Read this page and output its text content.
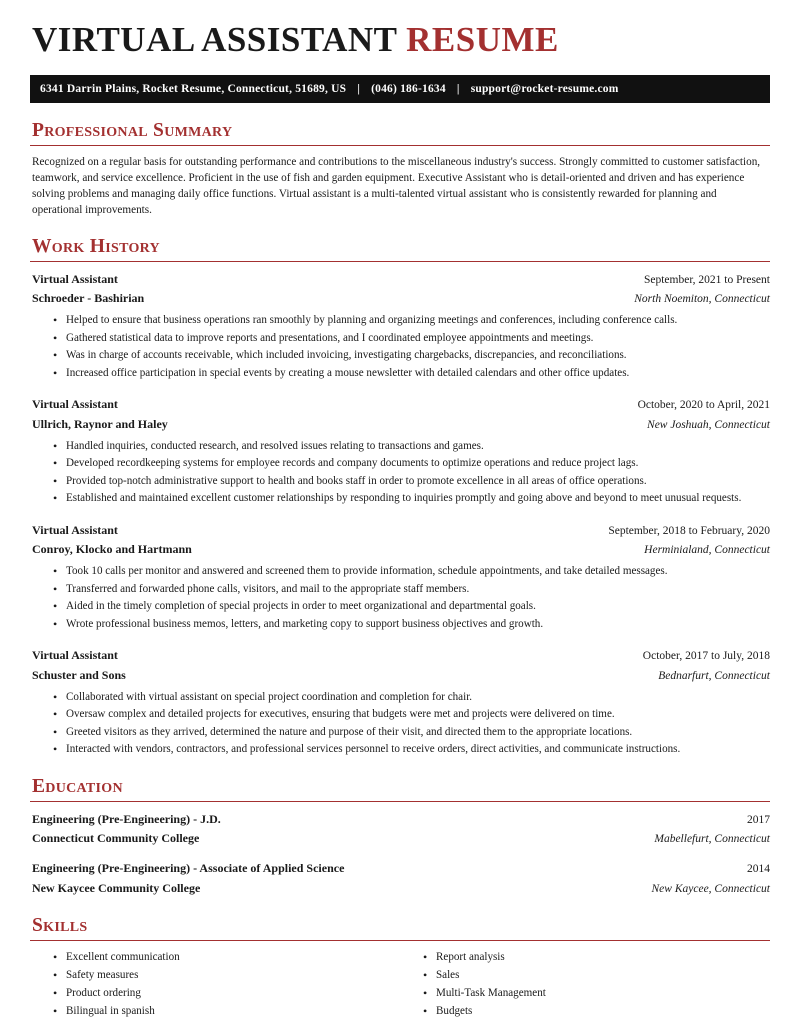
VIRTUAL ASSISTANT RESUME
6341 Darrin Plains, Rocket Resume, Connecticut, 51689, US | (046) 186-1634 | support@rocket-resume.com
Professional Summary

Recognized on a regular basis for outstanding performance and contributions to the miscellaneous industry's success. Strongly committed to customer satisfaction, teamwork, and service excellence. Proficient in the use of fish and garden equipment. Executive Assistant who is detail-oriented and driven and has experience solving problems and managing daily office functions. Virtual assistant is a multi-talented virtual assistant who is consistently rewarded for planning and operational improvements.

Work History
Virtual Assistant	September, 2021 to Present
Schroeder - Bashirian	North Noemiton, Connecticut
• Helped to ensure that business operations ran smoothly by planning and organizing meetings and conferences, including conference calls.
• Gathered statistical data to improve reports and presentations, and I coordinated employee appointments and meetings.
• Was in charge of accounts receivable, which included invoicing, investigating chargebacks, discrepancies, and reconciliations.
• Increased office participation in special events by creating a mouse newsletter with detailed calendars and other office updates.
Virtual Assistant	October, 2020 to April, 2021
Ullrich, Raynor and Haley	New Joshuah, Connecticut
• Handled inquiries, conducted research, and resolved issues relating to transactions and games.
• Developed recordkeeping systems for employee records and company documents to optimize operations and reduce project lags.
• Provided top-notch administrative support to health and books staff in order to promote excellence in all areas of office operations.
• Established and maintained excellent customer relationships by responding to inquiries promptly and going above and beyond to meet unusual requests.
Virtual Assistant	September, 2018 to February, 2020
Conroy, Klocko and Hartmann	Herminialand, Connecticut
• Took 10 calls per monitor and answered and screened them to provide information, schedule appointments, and take detailed messages.
• Transferred and forwarded phone calls, visitors, and mail to the appropriate staff members.
• Aided in the timely completion of special projects in order to meet organizational and departmental goals.
• Wrote professional business memos, letters, and marketing copy to support business objectives and growth.
Virtual Assistant	October, 2017 to July, 2018
Schuster and Sons	Bednarfurt, Connecticut
• Collaborated with virtual assistant on special project coordination and completion for chair.
• Oversaw complex and detailed projects for executives, ensuring that budgets were met and projects were delivered on time.
• Greeted visitors as they arrived, determined the nature and purpose of their visit, and directed them to the appropriate locations.
• Interacted with vendors, contractors, and professional services personnel to receive orders, direct activities, and communicate instructions.
Education
Engineering (Pre-Engineering) - J.D.	2017
Connecticut Community College	Mabellefurt, Connecticut
Engineering (Pre-Engineering) - Associate of Applied Science	2014
New Kaycee Community College	New Kaycee, Connecticut
Skills
• Excellent communication
• Safety measures
• Product ordering
• Bilingual in spanish
• Report analysis
• Sales
• Multi-Task Management
• Budgets
